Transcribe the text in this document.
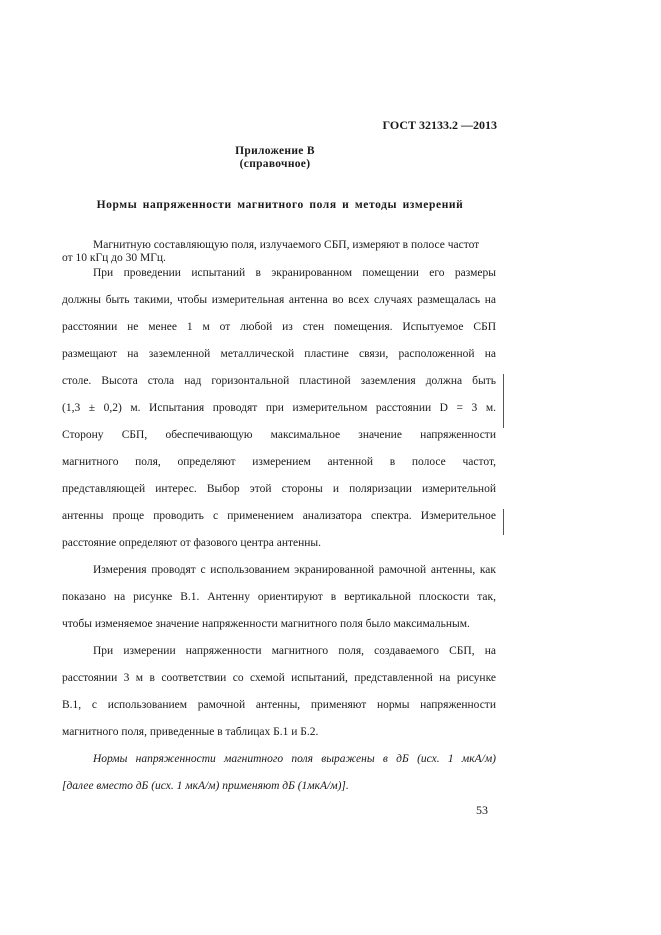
ГОСТ 32133.2 —2013
Приложение В
(справочное)
Нормы напряженности магнитного поля и методы измерений
Магнитную составляющую поля, излучаемого СБП, измеряют в полосе частот
от 10 кГц до 30 МГц.
При проведении испытаний в экранированном помещении его размеры
должны быть такими, чтобы измерительная антенна во всех случаях размещалась на
расстоянии не менее 1 м от любой из стен помещения. Испытуемое СБП
размещают на заземленной металлической пластине связи, расположенной на
столе. Высота стола над горизонтальной пластиной заземления должна быть
(1,3 ± 0,2) м. Испытания проводят при измерительном расстоянии D = 3 м.
Сторону СБП, обеспечивающую максимальное значение напряженности
магнитного поля, определяют измерением антенной в полосе частот,
представляющей интерес. Выбор этой стороны и поляризации измерительной
антенны проще проводить с применением анализатора спектра. Измерительное
расстояние определяют от фазового центра антенны.
Измерения проводят с использованием экранированной рамочной антенны, как
показано на рисунке В.1. Антенну ориентируют в вертикальной плоскости так,
чтобы изменяемое значение напряженности магнитного поля было максимальным.
При измерении напряженности магнитного поля, создаваемого СБП, на
расстоянии 3 м в соответствии со схемой испытаний, представленной на рисунке
В.1, с использованием рамочной антенны, применяют нормы напряженности
магнитного поля, приведенные в таблицах Б.1 и Б.2.
Нормы напряженности магнитного поля выражены в дБ (исх. 1 мкА/м)
[далее вместо дБ (исх. 1 мкА/м) применяют дБ (1мкА/м)].
53
